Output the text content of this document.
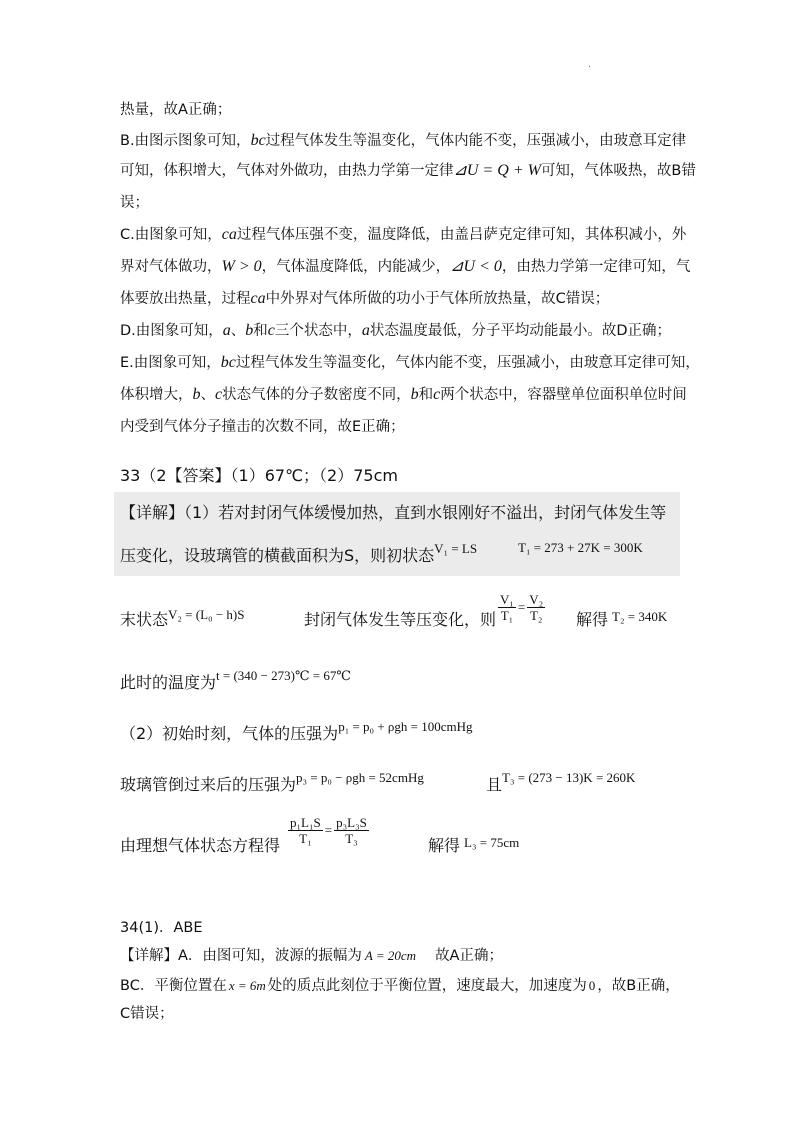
·
热量，故A正确；
B.由图示图象可知，bc过程气体发生等温变化，气体内能不变，压强减小，由玻意耳定律
可知，体积增大，气体对外做功，由热力学第一定律⊿U = Q + W可知，气体吸热，故B错
误；
C.由图象可知，ca过程气体压强不变，温度降低，由盖吕萨克定律可知，其体积减小，外
界对气体做功，W > 0，气体温度降低，内能减少，⊿U < 0，由热力学第一定律可知，气
体要放出热量，过程ca中外界对气体所做的功小于气体所放热量，故C错误；
D.由图象可知，a、b和c三个状态中，a状态温度最低，分子平均动能最小。故D正确；
E.由图象可知，bc过程气体发生等温变化，气体内能不变，压强减小，由玻意耳定律可知，
体积增大，b、c状态气体的分子数密度不同，b和c两个状态中，容器壁单位面积单位时间
内受到气体分子撞击的次数不同，故E正确；
33（2【答案】（1）67℃；（2）75cm
【详解】（1）若对封闭气体缓慢加热，直到水银刚好不溢出，封闭气体发生等
压变化，设玻璃管的横截面积为S，则初状态$^{V_1 = LS}$	T₁ = 273 + 27K = 300K
末状态$^{V_2 = (L_0 - h)S}$	封闭气体发生等压变化，则 $\frac{\text{V₁}}{\text{T₁}} = \frac{\text{V₂}}{\text{T₂}}$ 解得 $^{T_2 = 340K}$
此时的温度为$^{t = (340 - 273)℃ = 67℃}$
（2）初始时刻，气体的压强为$^{p_1 = p_0 + \rho gh = 100cmHg}$
玻璃管倒过来后的压强为$^{p_3 = p_0 - \rho gh = 52cmHg}$	且$^{T_3 = (273 - 13)K = 260K}$
由理想气体状态方程得 $\frac{\text{p₁L₁S}}{\text{T₁}} = \frac{\text{p₃L₃S}}{\text{T₃}}$	解得 $^{L_3 = 75cm}$
34(1)．ABE
【详解】A．由图可知，波源的振幅为 A = 20cm 故A正确；
BC．平衡位置在 x = 6m 处的质点此刻位于平衡位置，速度最大，加速度为 0 ，故B正确，
C错误；
